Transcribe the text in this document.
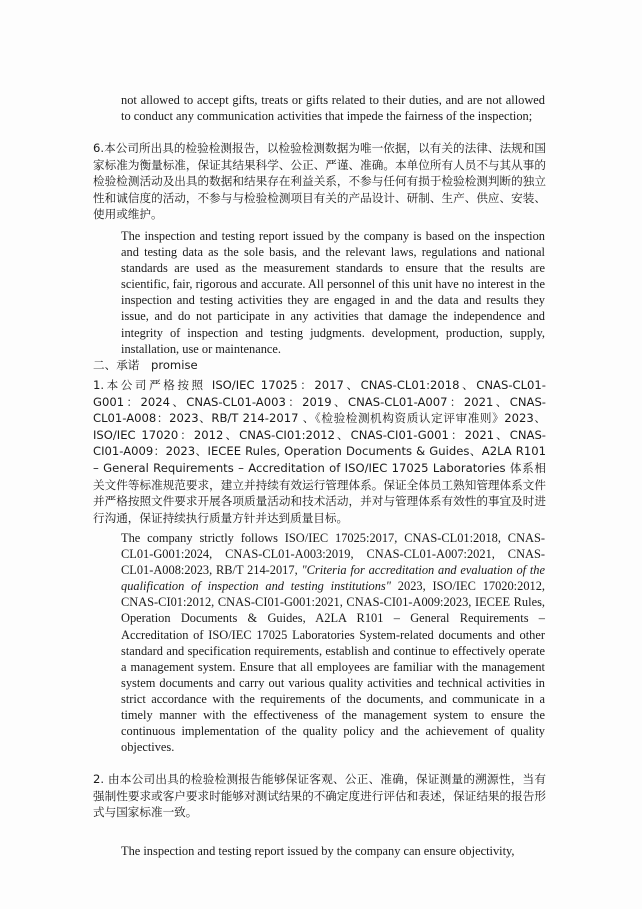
not allowed to accept gifts, treats or gifts related to their duties, and are not allowed to conduct any communication activities that impede the fairness of the inspection;

6.本公司所出具的检验检测报告，以检验检测数据为唯一依据，以有关的法律、法规和国家标准为衡量标准，保证其结果科学、公正、严谨、准确。本单位所有人员不与其从事的检验检测活动及出具的数据和结果存在利益关系，不参与任何有损于检验检测判断的独立性和诚信度的活动，不参与与检验检测项目有关的产品设计、研制、生产、供应、安装、使用或维护。

The inspection and testing report issued by the company is based on the inspection and testing data as the sole basis, and the relevant laws, regulations and national standards are used as the measurement standards to ensure that the results are scientific, fair, rigorous and accurate. All personnel of this unit have no interest in the inspection and testing activities they are engaged in and the data and results they issue, and do not participate in any activities that damage the independence and integrity of inspection and testing judgments. development, production, supply, installation, use or maintenance.

二、承诺　promise

1.本公司严格按照 ISO/IEC 17025：2017、CNAS-CL01:2018、CNAS-CL01-G001：2024、CNAS-CL01-A003：2019、CNAS-CL01-A007：2021、CNAS-CL01-A008：2023、RB/T 214-2017 、《检验检测机构资质认定评审准则》2023、ISO/IEC 17020：2012、CNAS-CI01:2012、CNAS-CI01-G001：2021、CNAS-CI01-A009：2023、IECEE Rules, Operation Documents & Guides、A2LA R101 – General Requirements – Accreditation of ISO/IEC 17025 Laboratories 体系相关文件等标准规范要求，建立并持续有效运行管理体系。保证全体员工熟知管理体系文件并严格按照文件要求开展各项质量活动和技术活动，并对与管理体系有效性的事宜及时进行沟通，保证持续执行质量方针并达到质量目标。

The company strictly follows ISO/IEC 17025:2017, CNAS-CL01:2018, CNAS-CL01-G001:2024, CNAS-CL01-A003:2019, CNAS-CL01-A007:2021, CNAS-CL01-A008:2023, RB/T 214-2017, "Criteria for accreditation and evaluation of the qualification of inspection and testing institutions" 2023, ISO/IEC 17020:2012, CNAS-CI01:2012, CNAS-CI01-G001:2021, CNAS-CI01-A009:2023, IECEE Rules, Operation Documents & Guides, A2LA R101 – General Requirements – Accreditation of ISO/IEC 17025 Laboratories System-related documents and other standard and specification requirements, establish and continue to effectively operate a management system. Ensure that all employees are familiar with the management system documents and carry out various quality activities and technical activities in strict accordance with the requirements of the documents, and communicate in a timely manner with the effectiveness of the management system to ensure the continuous implementation of the quality policy and the achievement of quality objectives.

2. 由本公司出具的检验检测报告能够保证客观、公正、准确，保证测量的溯源性，当有强制性要求或客户要求时能够对测试结果的不确定度进行评估和表述，保证结果的报告形式与国家标准一致。

The inspection and testing report issued by the company can ensure objectivity,
